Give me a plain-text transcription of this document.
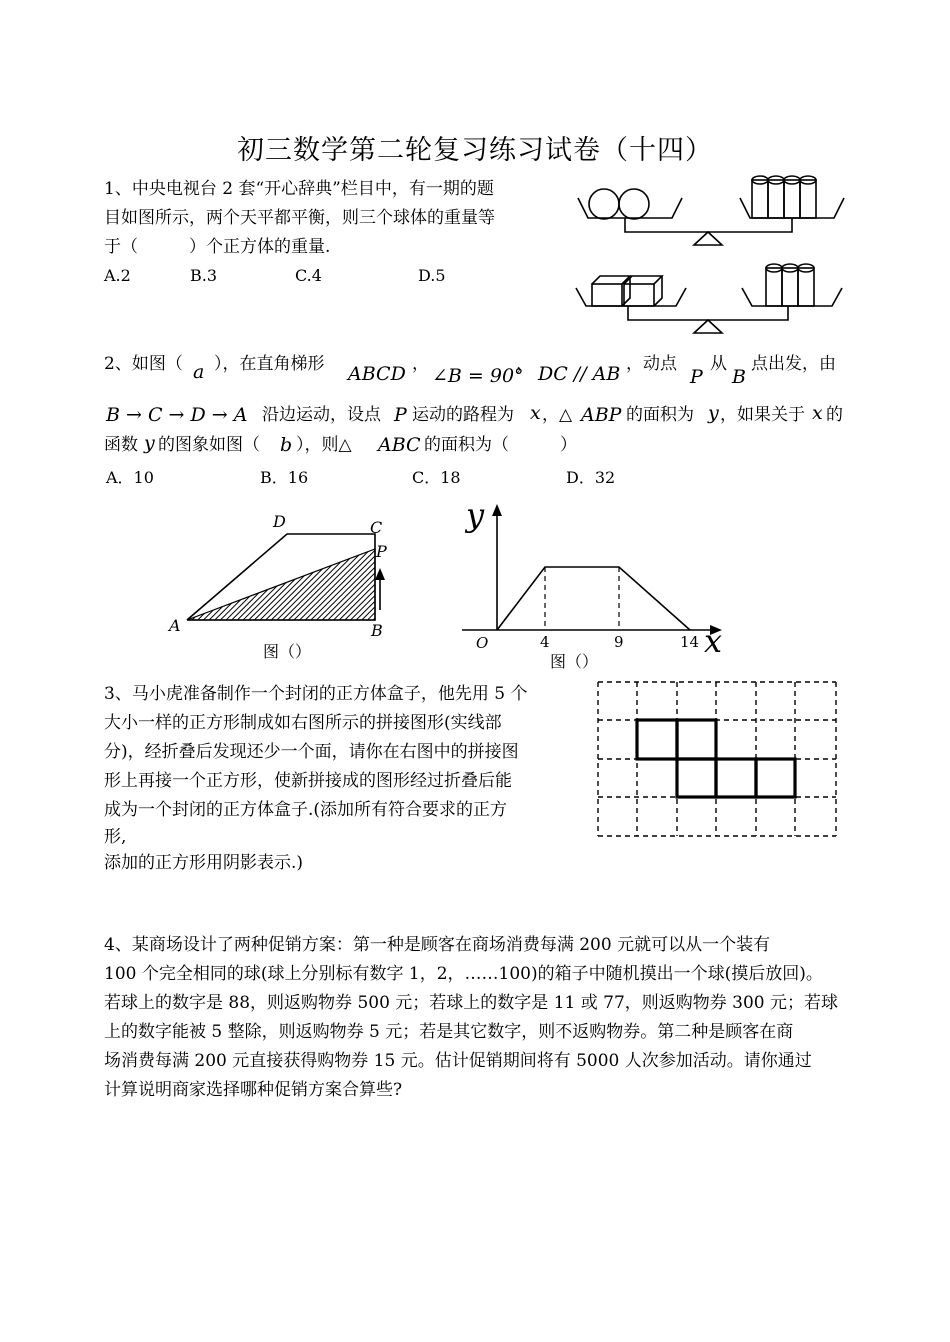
初三数学第二轮复习练习试卷（十四）
1、中央电视台 2 套“开心辞典”栏目中，有一期的题
目如图所示，两个天平都平衡，则三个球体的重量等
于（　　　）个正方体的重量.
A.2	B.3	C.4	D.5
2、如图（ a ），在直角梯形 ABCD ，
∠B = 90°
， DC // AB ，动点
P
从
B
点出发，由
B → C → D → A 沿边运动，设点 P 运动的路程为 x ，△ ABP 的面积为 y ，如果关于 x 的
函数 y 的图象如图（ b ），则△ ABC 的面积为（　　　）
A．10	B．16	C．18	D．32
A	B
C
D
P
图（）
y
x
O	4	9	14
图（）
3、马小虎准备制作一个封闭的正方体盒子，他先用 5 个
大小一样的正方形制成如右图所示的拼接图形(实线部
分)，经折叠后发现还少一个面，请你在右图中的拼接图
形上再接一个正方形，使新拼接成的图形经过折叠后能
成为一个封闭的正方体盒子.(添加所有符合要求的正方
形,
添加的正方形用阴影表示.)
4、某商场设计了两种促销方案：第一种是顾客在商场消费每满 200 元就可以从一个装有
100 个完全相同的球(球上分别标有数字 1，2，……100)的箱子中随机摸出一个球(摸后放回)。
若球上的数字是 88，则返购物券 500 元；若球上的数字是 11 或 77，则返购物券 300 元；若球
上的数字能被 5 整除，则返购物券 5 元；若是其它数字，则不返购物券。第二种是顾客在商
场消费每满 200 元直接获得购物券 15 元。估计促销期间将有 5000 人次参加活动。请你通过
计算说明商家选择哪种促销方案合算些?
